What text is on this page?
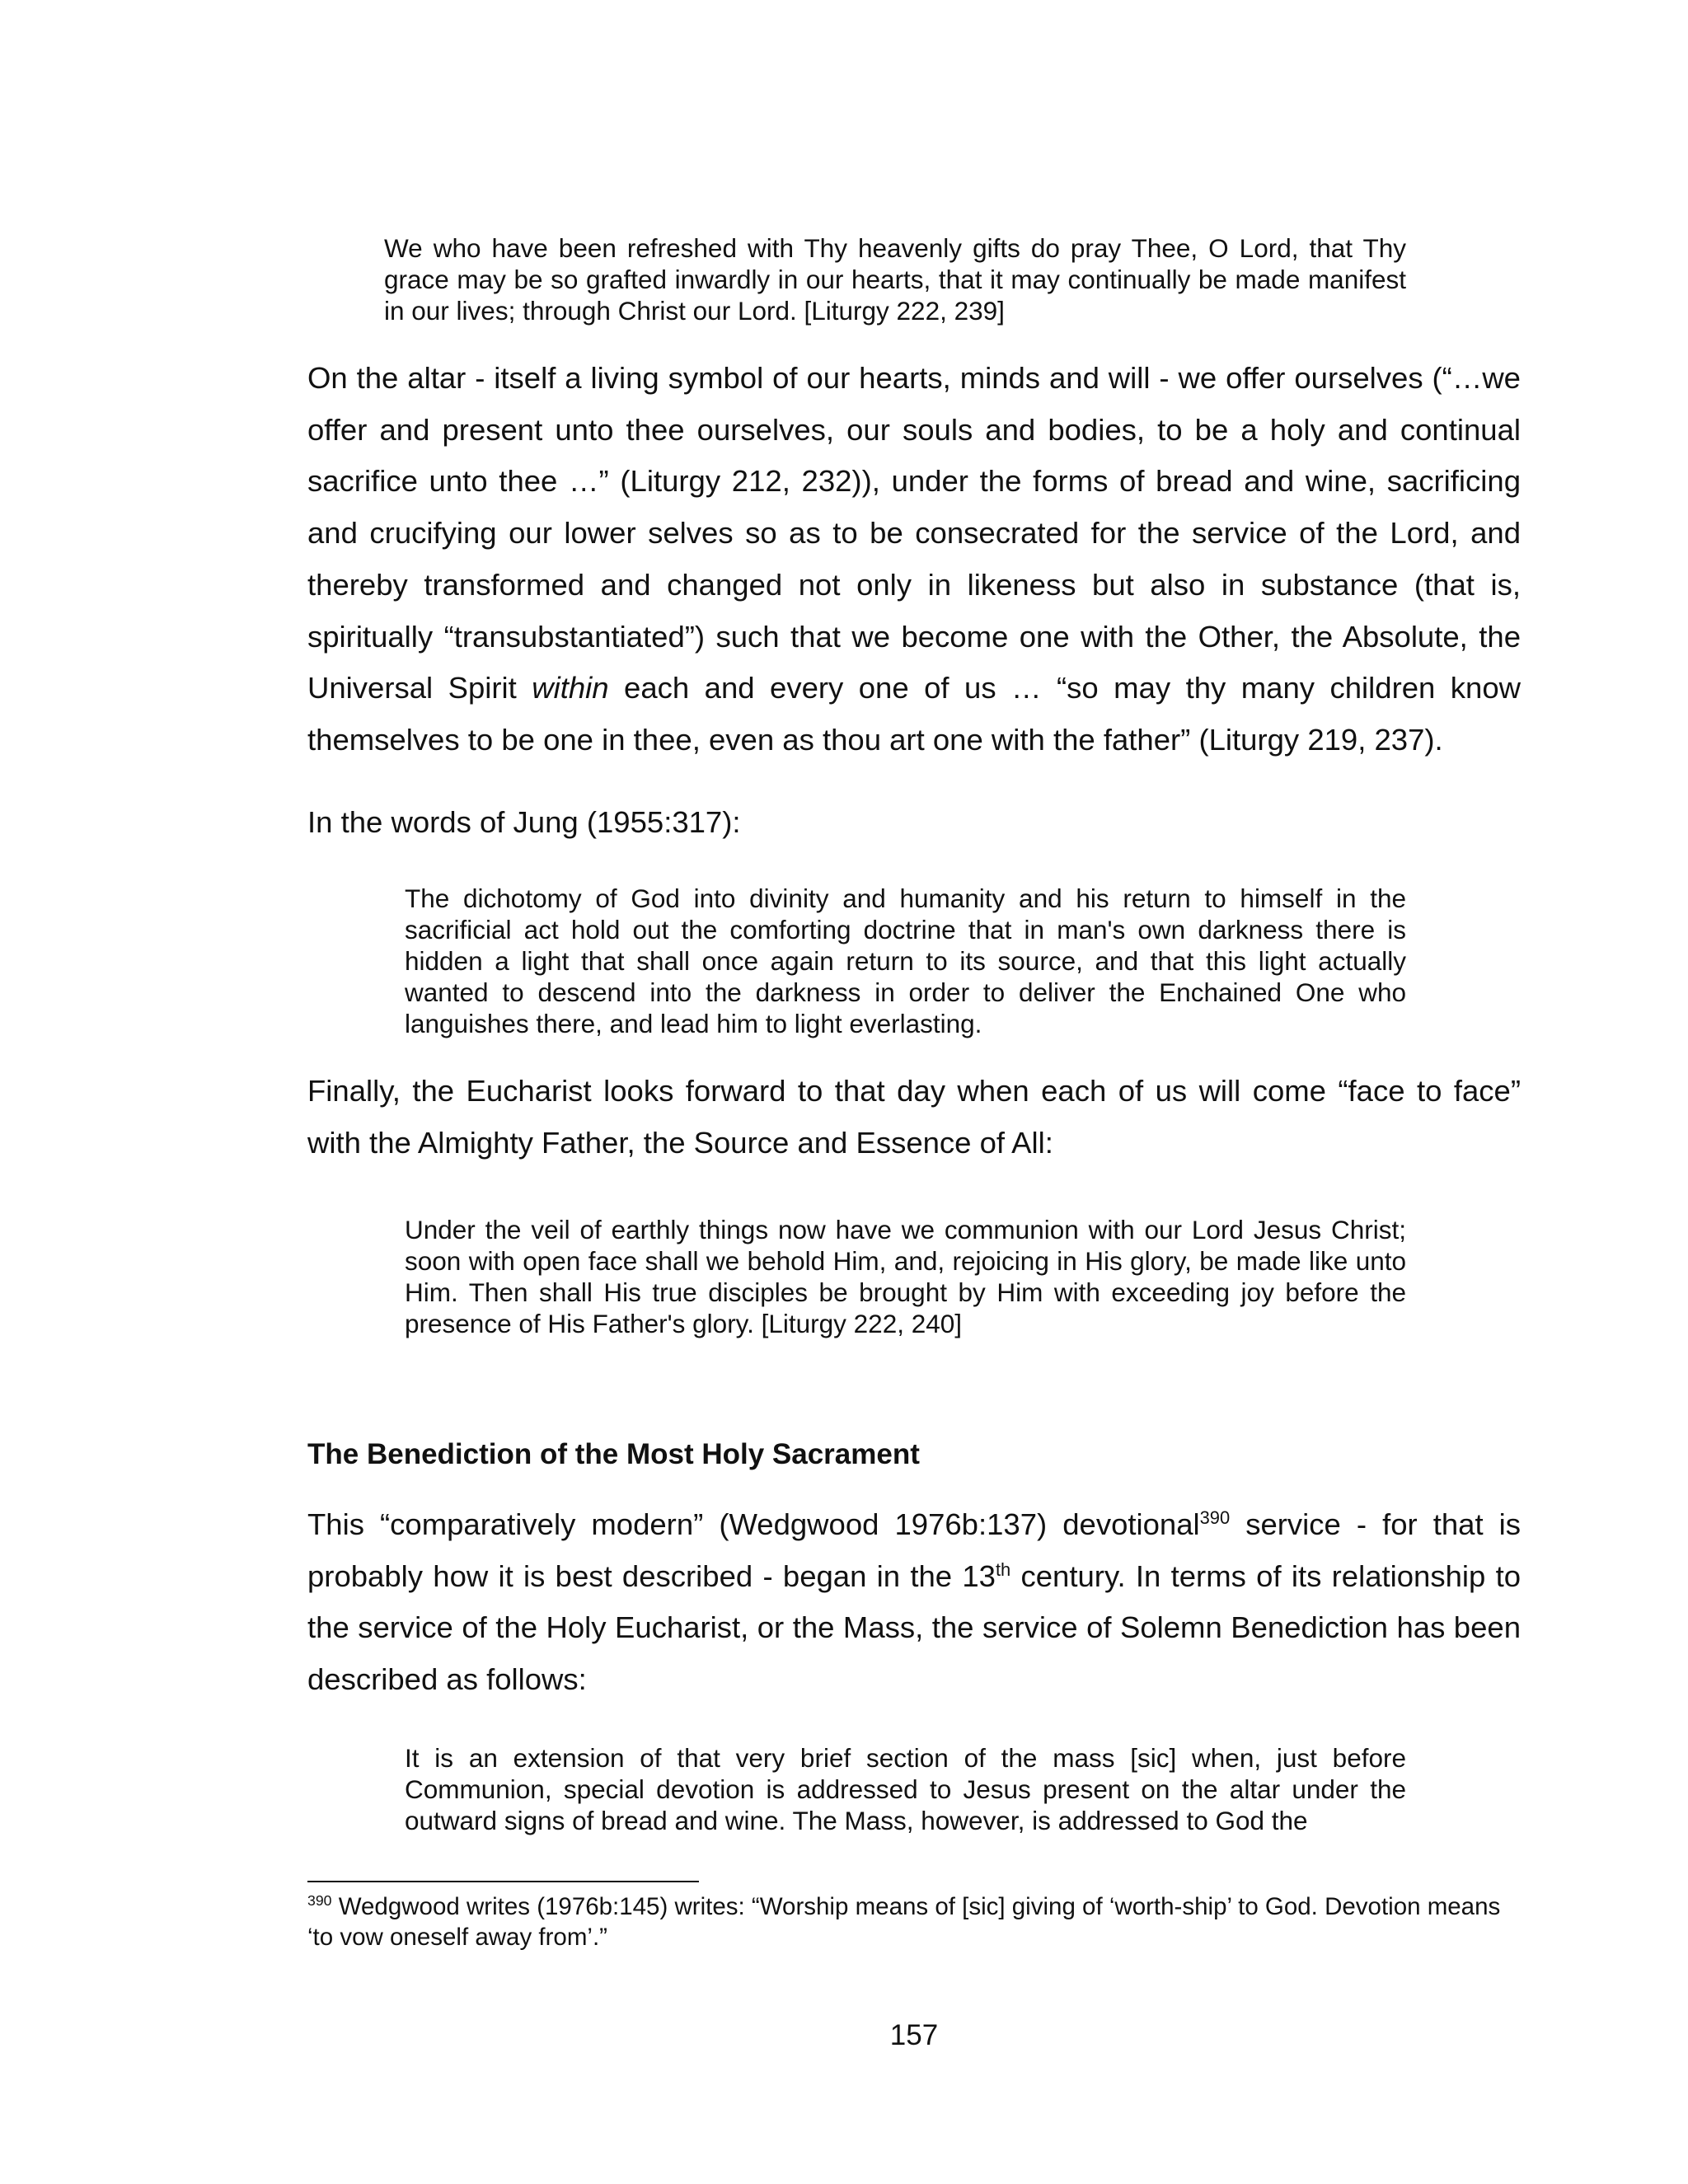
We who have been refreshed with Thy heavenly gifts do pray Thee, O Lord, that Thy grace may be so grafted inwardly in our hearts, that it may continually be made manifest in our lives; through Christ our Lord. [Liturgy 222, 239]

On the altar - itself a living symbol of our hearts, minds and will - we offer ourselves (“…we offer and present unto thee ourselves, our souls and bodies, to be a holy and continual sacrifice unto thee …” (Liturgy 212, 232)), under the forms of bread and wine, sacrificing and crucifying our lower selves so as to be consecrated for the service of the Lord, and thereby transformed and changed not only in likeness but also in substance (that is, spiritually “transubstantiated”) such that we become one with the Other, the Absolute, the Universal Spirit within each and every one of us … “so may thy many children know themselves to be one in thee, even as thou art one with the father” (Liturgy 219, 237).

In the words of Jung (1955:317):

The dichotomy of God into divinity and humanity and his return to himself in the sacrificial act hold out the comforting doctrine that in man's own darkness there is hidden a light that shall once again return to its source, and that this light actually wanted to descend into the darkness in order to deliver the Enchained One who languishes there, and lead him to light everlasting.

Finally, the Eucharist looks forward to that day when each of us will come “face to face” with the Almighty Father, the Source and Essence of All:

Under the veil of earthly things now have we communion with our Lord Jesus Christ; soon with open face shall we behold Him, and, rejoicing in His glory, be made like unto Him. Then shall His true disciples be brought by Him with exceeding joy before the presence of His Father's glory. [Liturgy 222, 240]

The Benediction of the Most Holy Sacrament

This “comparatively modern” (Wedgwood 1976b:137) devotional$^{390}$ service - for that is probably how it is best described - began in the 13th century. In terms of its relationship to the service of the Holy Eucharist, or the Mass, the service of Solemn Benediction has been described as follows:

It is an extension of that very brief section of the mass [sic] when, just before Communion, special devotion is addressed to Jesus present on the altar under the outward signs of bread and wine. The Mass, however, is addressed to God the

$^{390}$ Wedgwood writes (1976b:145) writes: “Worship means of [sic] giving of ‘worth-ship’ to God. Devotion means ‘to vow oneself away from’.”

157
